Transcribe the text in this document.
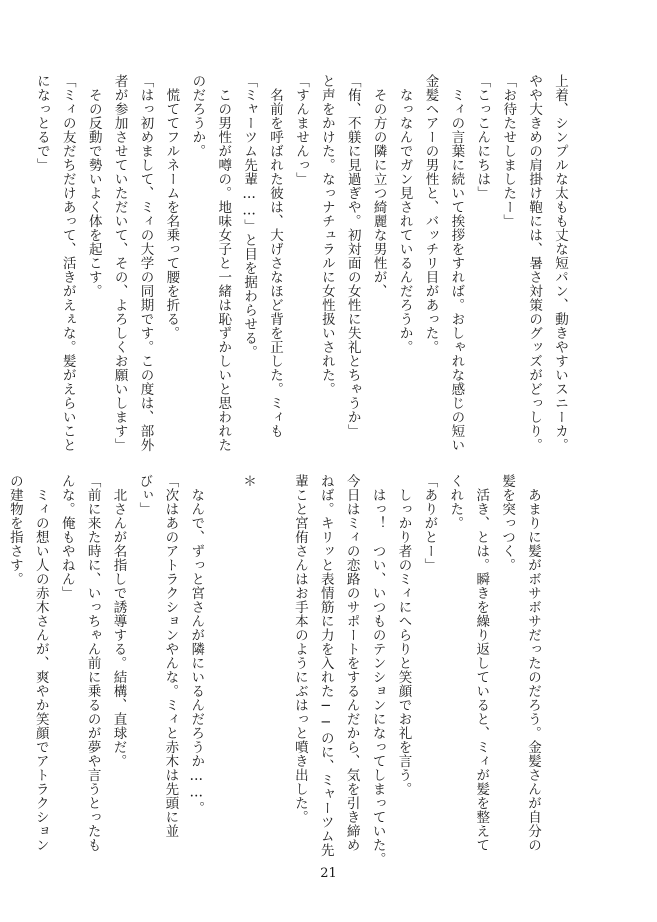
上着、シンプルな太もも丈な短パン、動きやすいスニーカ。

やや大きめの肩掛け鞄には、暑さ対策のグッズがどっしり。

「お待たせしましたー」

「こっこんにちは」

　ミィの言葉に続いて挨拶をすれば。おしゃれな感じの短い

金髪ヘアーの男性と、バッチリ目があった。

　なっなんでガン見されているんだろうか。

　その方の隣に立つ綺麗な男性が、

「侑、不躾に見過ぎや。初対面の女性に失礼とちゃうか」

と声をかけた。なっナチュラルに女性扱いされた。

「すんませんっ」

　名前を呼ばれた彼は、大げさなほど背を正した。ミィも

「ミャーツム先輩……」と目を据わらせる。

　この男性が噂の。地味女子と一緒は恥ずかしいと思われた

のだろうか。

　慌ててフルネームを名乗って腰を折る。

「はっ初めまして、ミィの大学の同期です。この度は、部外

者が参加させていただいて、その、よろしくお願いします」

　その反動で勢いよく体を起こす。

「ミィの友だちだけあって、活きがえぇな。髪がえらいこと

になっとるで」

　あまりに髪がボサボサだったのだろう。金髪さんが自分の

髪を突っつく。

　活き、とは。瞬きを繰り返していると、ミィが髪を整えて

くれた。

「ありがとー」

　しっかり者のミィにへらりと笑顔でお礼を言う。

　はっ！　つい、いつものテンションになってしまっていた。

今日はミィの恋路のサポートをするんだから、気を引き締め

ねば。キリッと表情筋に力を入れた──のに、ミャーツム先

輩こと宮侑さんはお手本のようにぶはっと噴き出した。

＊

　なんで、ずっと宮さんが隣にいるんだろうか……。

「次はあのアトラクションやんな。ミィと赤木は先頭に並

びぃ」

　北さんが名指しで誘導する。結構、直球だ。

「前に来た時に、いっちゃん前に乗るのが夢や言うとったも

んな。俺もやねん」

　ミィの想い人の赤木さんが、爽やか笑顔でアトラクション

の建物を指さす。

21
